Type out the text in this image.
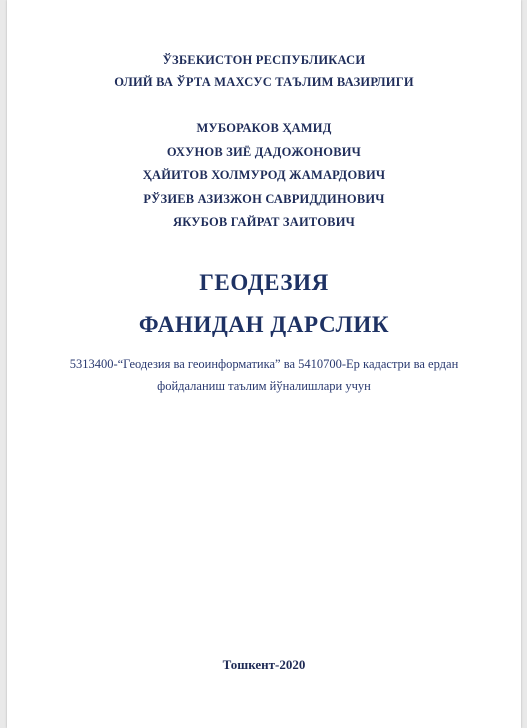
ЎЗБЕКИСТОН РЕСПУБЛИКАСИ
ОЛИЙ ВА ЎРТА МАХСУС ТАЪЛИМ ВАЗИРЛИГИ
МУБОРАКОВ ҲАМИД
ОХУНОВ ЗИЁ ДАДОЖОНОВИЧ
ҲАЙИТОВ ХОЛМУРОД ЖАМАРДОВИЧ
РЎЗИЕВ АЗИЗЖОН САВРИДДИНОВИЧ
ЯКУБОВ ГАЙРАТ ЗАИТОВИЧ
ГЕОДЕЗИЯ
ФАНИДАН ДАРСЛИК
5313400-“Геодезия ва геоинформатика” ва 5410700-Ер кадастри ва ердан
фойдаланиш таълим йўналишлари учун
Тошкент-2020
